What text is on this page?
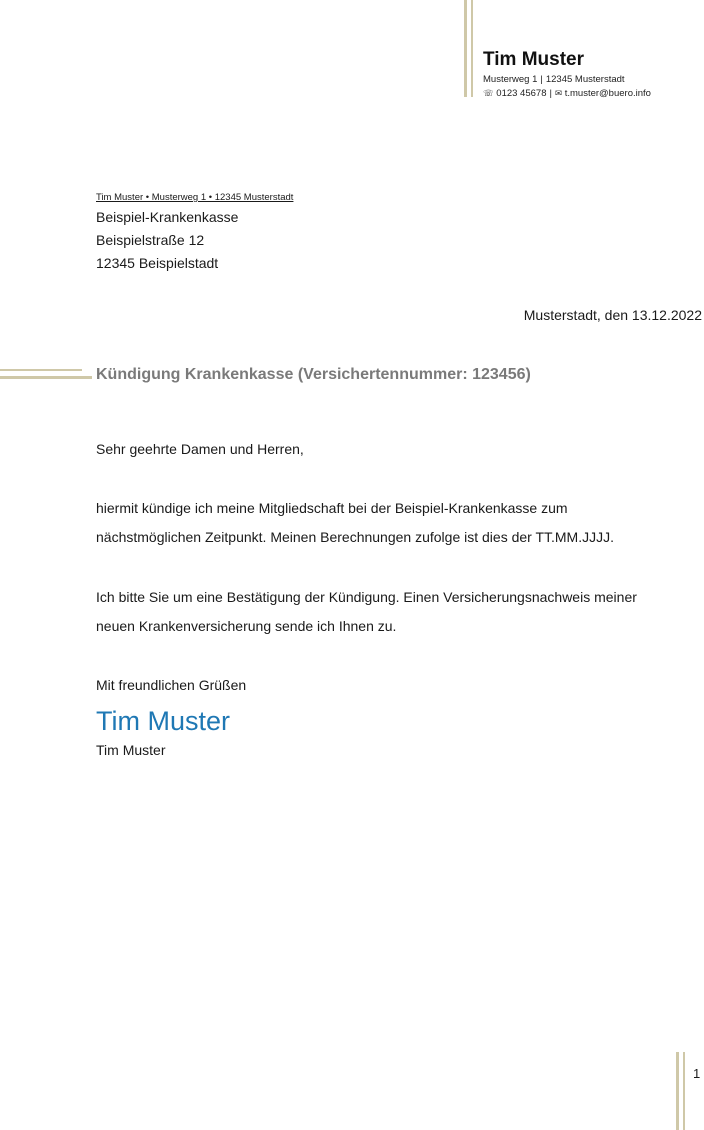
Tim Muster
Musterweg 1 | 12345 Musterstadt
☏ 0123 45678 | ✉ t.muster@buero.info
Tim Muster • Musterweg 1 • 12345 Musterstadt
Beispiel-Krankenkasse
Beispielstraße 12
12345 Beispielstadt
Musterstadt, den 13.12.2022
Kündigung Krankenkasse (Versichertennummer: 123456)
Sehr geehrte Damen und Herren,
hiermit kündige ich meine Mitgliedschaft bei der Beispiel-Krankenkasse zum
nächstmöglichen Zeitpunkt. Meinen Berechnungen zufolge ist dies der TT.MM.JJJJ.
Ich bitte Sie um eine Bestätigung der Kündigung. Einen Versicherungsnachweis meiner
neuen Krankenversicherung sende ich Ihnen zu.
Mit freundlichen Grüßen
Tim Muster
Tim Muster
1
